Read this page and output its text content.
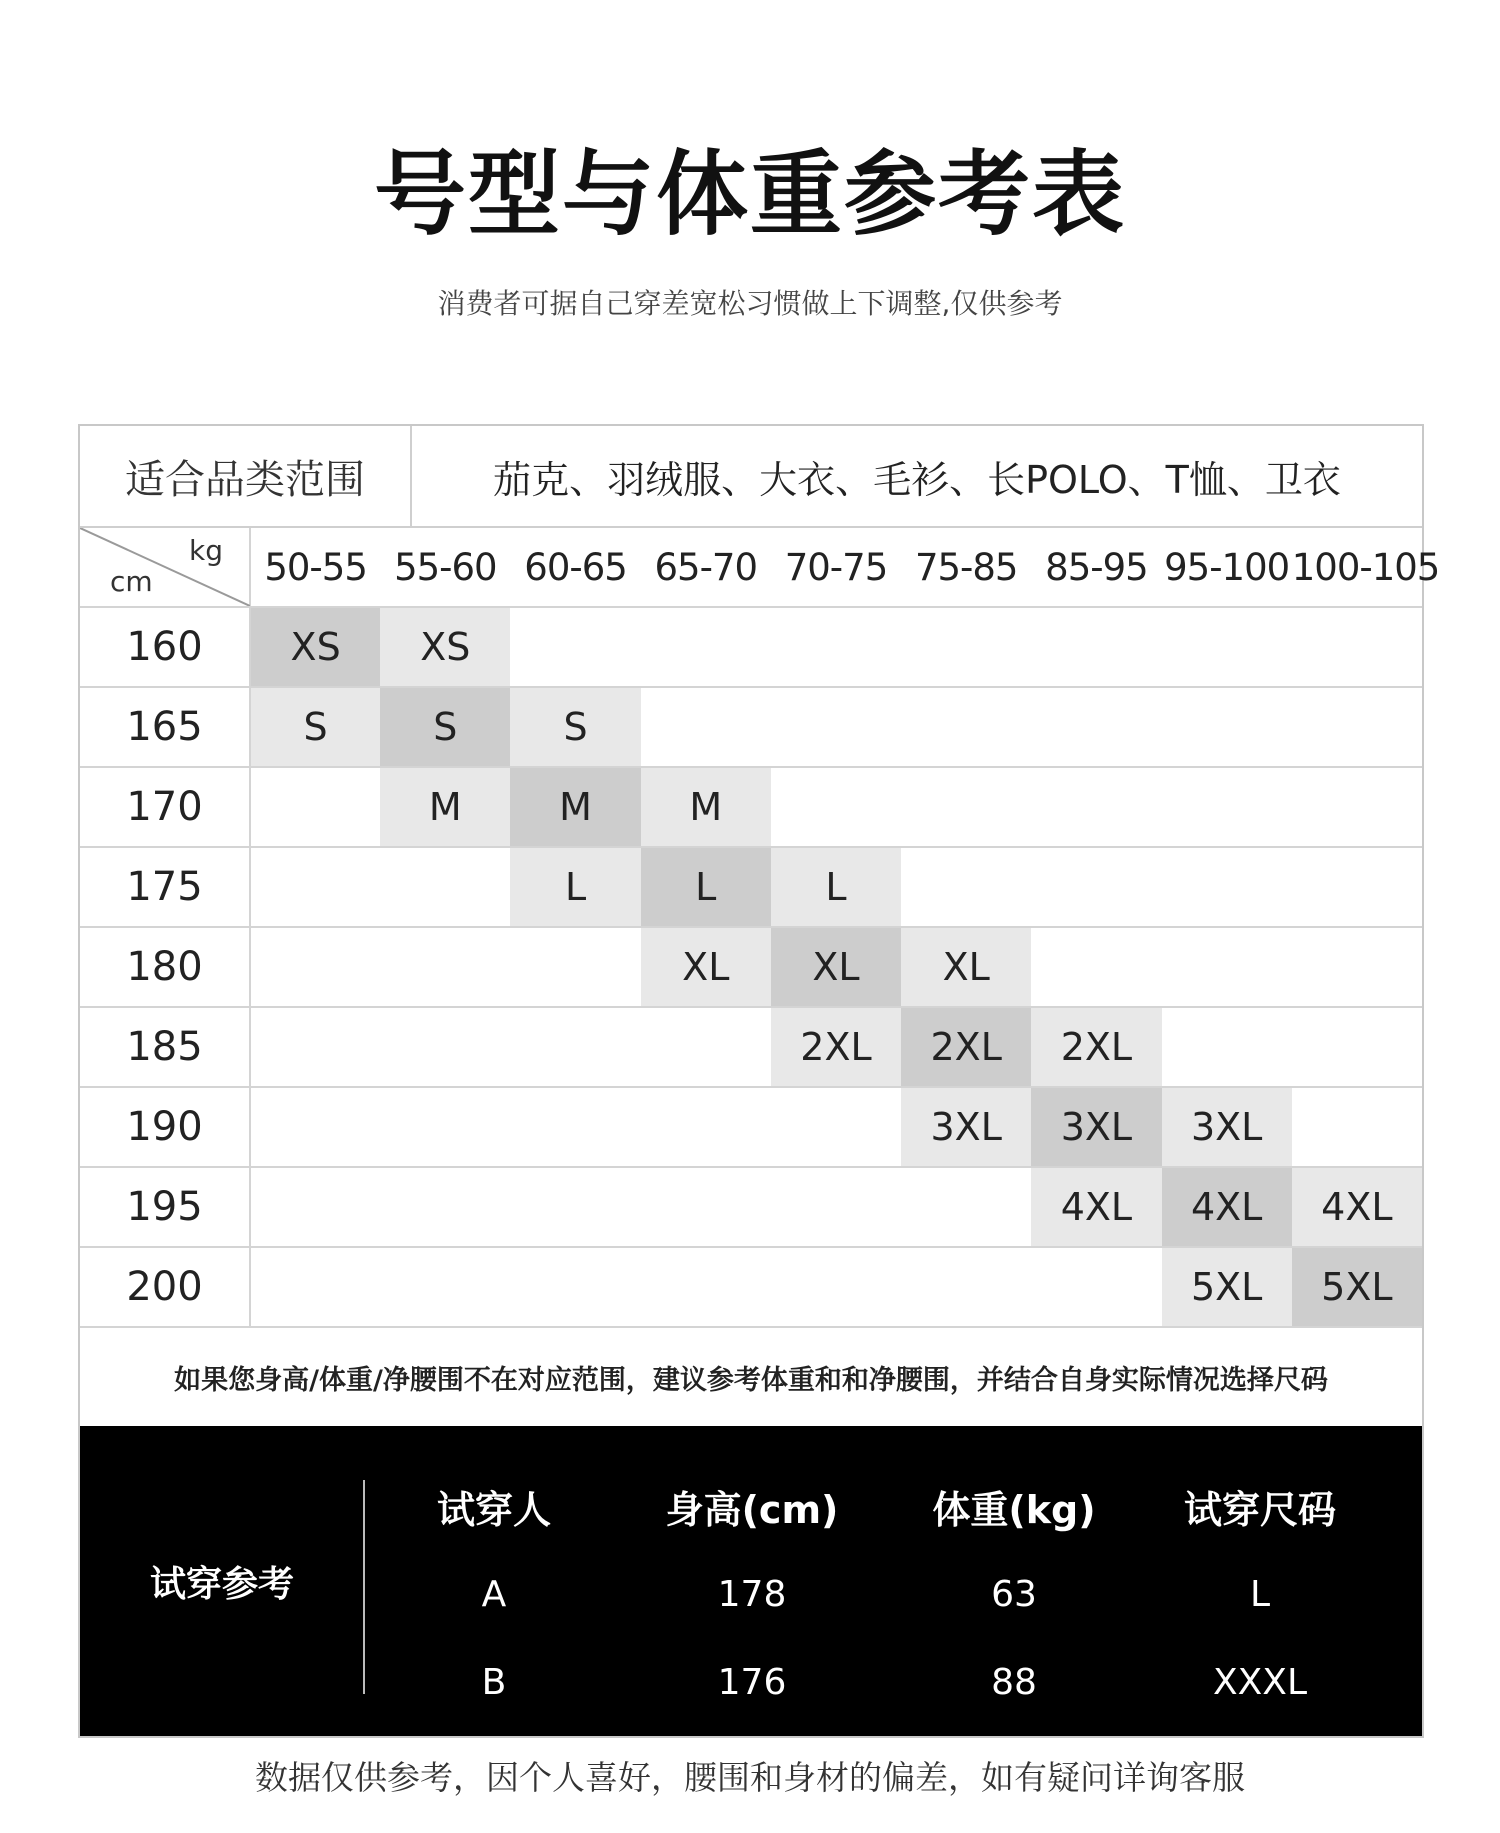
号型与体重参考表
消费者可据自己穿差宽松习惯做上下调整,仅供参考
适合品类范围	茄克、羽绒服、大衣、毛衫、长POLO、T恤、卫衣
kg
cm	50-55	55-60	60-65	65-70	70-75	75-85	85-95	95-100	100-105
160	XS	XS							
165	S	S	S						
170		M	M	M					
175			L	L	L				
180				XL	XL	XL			
185					2XL	2XL	2XL		
190						3XL	3XL	3XL	
195							4XL	4XL	4XL
200								5XL	5XL
如果您身高/体重/净腰围不在对应范围，建议参考体重和和净腰围，并结合自身实际情况选择尺码
试穿参考
试穿人	身高(cm)	体重(kg)	试穿尺码
A	178	63	L
B	176	88	XXXL
数据仅供参考，因个人喜好，腰围和身材的偏差，如有疑问详询客服
